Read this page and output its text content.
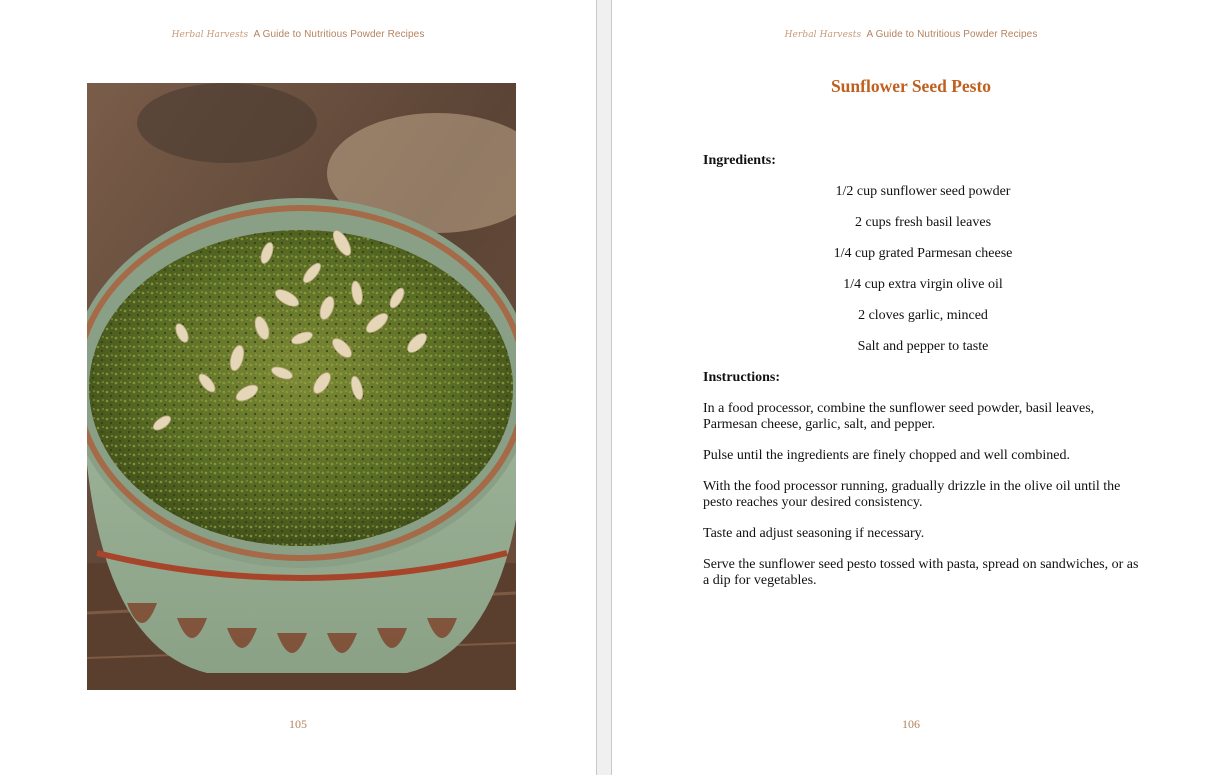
Herbal Harvests A Guide to Nutritious Powder Recipes
105
Herbal Harvests A Guide to Nutritious Powder Recipes
Sunflower Seed Pesto

Ingredients:

1/2 cup sunflower seed powder

2 cups fresh basil leaves

1/4 cup grated Parmesan cheese

1/4 cup extra virgin olive oil

2 cloves garlic, minced

Salt and pepper to taste

Instructions:

In a food processor, combine the sunflower seed powder, basil leaves, Parmesan cheese, garlic, salt, and pepper.

Pulse until the ingredients are finely chopped and well combined.

With the food processor running, gradually drizzle in the olive oil until the pesto reaches your desired consistency.

Taste and adjust seasoning if necessary.

Serve the sunflower seed pesto tossed with pasta, spread on sandwiches, or as a dip for vegetables.

106
